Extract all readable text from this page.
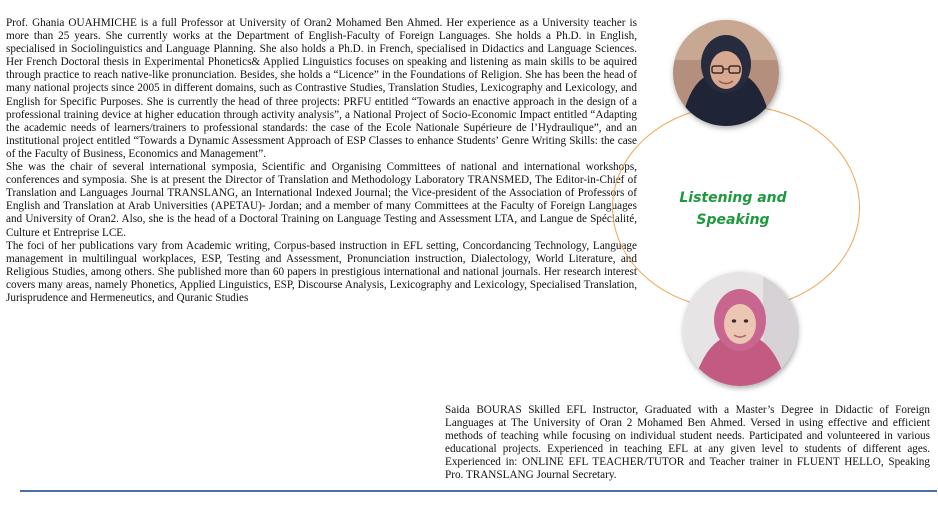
Prof. Ghania OUAHMICHE is a full Professor at University of Oran2 Mohamed Ben Ahmed. Her experience as a University teacher is more than 25 years. She currently works at the Department of English-Faculty of Foreign Languages. She holds a Ph.D. in English, specialised in Sociolinguistics and Language Planning. She also holds a Ph.D. in French, specialised in Didactics and Language Sciences. Her French Doctoral thesis in Experimental Phonetics& Applied Linguistics focuses on speaking and listening as main skills to be aquired through practice to reach native-like pronunciation. Besides, she holds a “Licence” in the Foundations of Religion. She has been the head of many national projects since 2005 in different domains, such as Contrastive Studies, Translation Studies, Lexicography and Lexicology, and English for Specific Purposes. She is currently the head of three projects: PRFU entitled “Towards an enactive approach in the design of a professional training device at higher education through activity analysis”, a National Project of Socio-Economic Impact entitled “Adapting the academic needs of learners/trainers to professional standards: the case of the Ecole Nationale Supérieure de l’Hydraulique”, and an institutional project entitled “Towards a Dynamic Assessment Approach of ESP Classes to enhance Students’ Genre Writing Skills: the case of the Faculty of Business, Economics and Management”.
She was the chair of several international symposia, Scientific and Organising Committees of national and international workshops, conferences and symposia. She is at present the Director of Translation and Methodology Laboratory TRANSMED, The Editor-in-Chief of Translation and Languages Journal TRANSLANG, an International Indexed Journal; the Vice-president of the Association of Professors of English and Translation at Arab Universities (APETAU)- Jordan; and a member of many Committees at the Faculty of Foreign Languages and University of Oran2. Also, she is the head of a Doctoral Training on Language Testing and Assessment LTA, and Langue de Spécialité, Culture et Entreprise LCE.
The foci of her publications vary from Academic writing, Corpus-based instruction in EFL setting, Concordancing Technology, Language management in multilingual workplaces, ESP, Testing and Assessment, Pronunciation instruction, Dialectology, World Literature, and Religious Studies, among others. She published more than 60 papers in prestigious international and national journals. Her research interest covers many areas, namely Phonetics, Applied Linguistics, ESP, Discourse Analysis, Lexicography and Lexicology, Specialised Translation, Jurisprudence and Hermeneutics, and Quranic Studies

Listening and Speaking

Saida BOURAS Skilled EFL Instructor, Graduated with a Master’s Degree in Didactic of Foreign Languages at The University of Oran 2 Mohamed Ben Ahmed. Versed in using effective and efficient methods of teaching while focusing on individual student needs. Participated and volunteered in various educational projects. Experienced in teaching EFL at any given level to students of different ages. Experienced in: ONLINE EFL TEACHER/TUTOR and Teacher trainer in FLUENT HELLO, Speaking Pro. TRANSLANG Journal Secretary.
